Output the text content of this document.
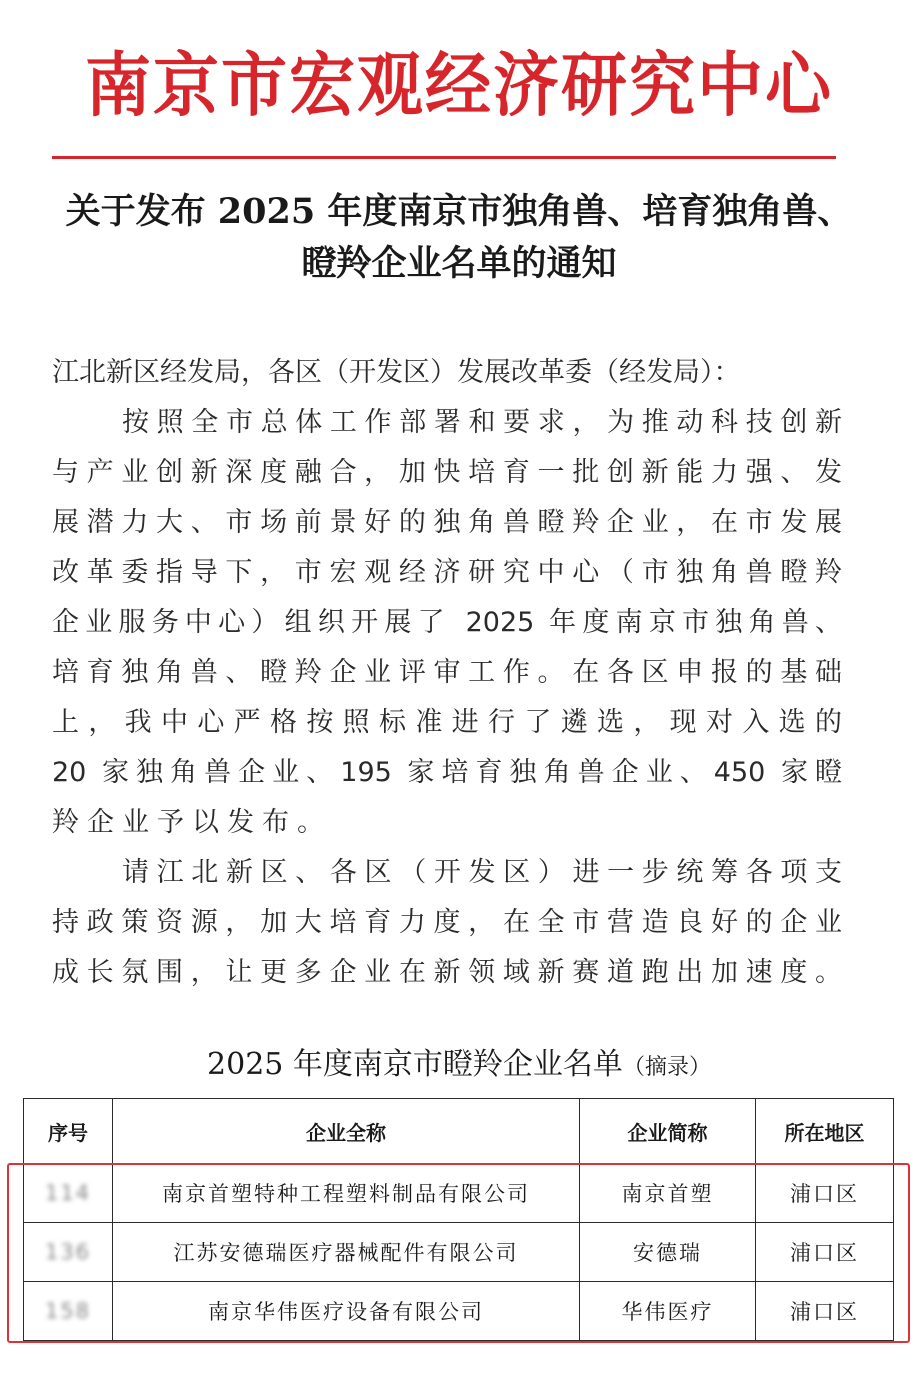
南京市宏观经济研究中心
关于发布 2025 年度南京市独角兽、培育独角兽、
瞪羚企业名单的通知
江北新区经发局，各区（开发区）发展改革委（经发局）：
按照全市总体工作部署和要求，为推动科技创新
与产业创新深度融合，加快培育一批创新能力强、发
展潜力大、市场前景好的独角兽瞪羚企业，在市发展
改革委指导下，市宏观经济研究中心（市独角兽瞪羚
企业服务中心）组织开展了 2025 年度南京市独角兽、
培育独角兽、瞪羚企业评审工作。在各区申报的基础
上，我中心严格按照标准进行了遴选，现对入选的
20 家独角兽企业、195 家培育独角兽企业、450 家瞪
羚企业予以发布。
请江北新区、各区（开发区）进一步统筹各项支
持政策资源，加大培育力度，在全市营造良好的企业
成长氛围，让更多企业在新领域新赛道跑出加速度。
2025 年度南京市瞪羚企业名单（摘录）
序号	企业全称	企业简称	所在地区
114	南京首塑特种工程塑料制品有限公司	南京首塑	浦口区
136	江苏安德瑞医疗器械配件有限公司	安德瑞	浦口区
158	南京华伟医疗设备有限公司	华伟医疗	浦口区
